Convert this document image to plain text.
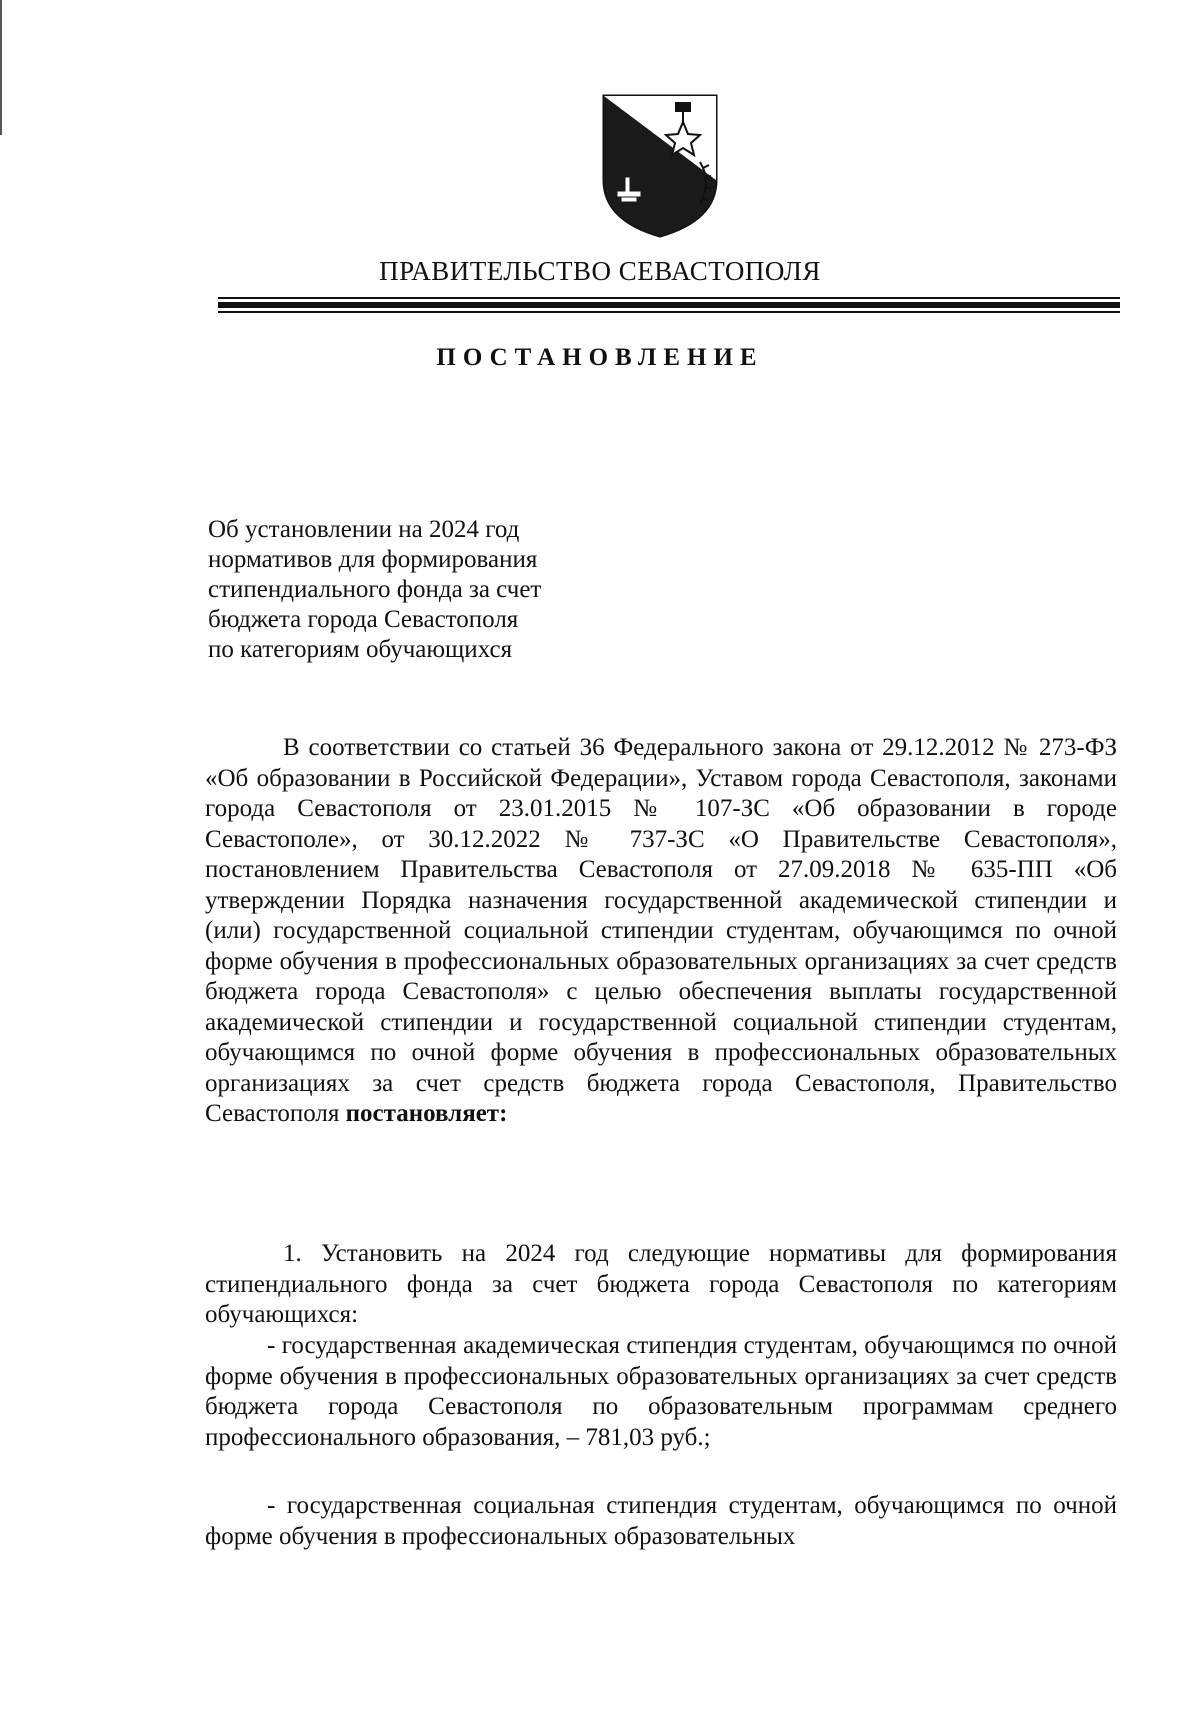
ПРАВИТЕЛЬСТВО СЕВАСТОПОЛЯ
ПОСТАНОВЛЕНИЕ
Об установлении на 2024 год
нормативов для формирования
стипендиального фонда за счет
бюджета города Севастополя
по категориям обучающихся
В соответствии со статьей 36 Федерального закона от 29.12.2012 № 273-ФЗ «Об образовании в Российской Федерации», Уставом города Севастополя, законами города Севастополя от 23.01.2015 № 107-ЗС «Об образовании в городе Севастополе», от 30.12.2022 № 737-ЗС «О Правительстве Севастополя», постановлением Правительства Севастополя от 27.09.2018 № 635-ПП «Об утверждении Порядка назначения государственной академической стипендии и (или) государственной социальной стипендии студентам, обучающимся по очной форме обучения в профессиональных образовательных организациях за счет средств бюджета города Севастополя» с целью обеспечения выплаты государственной академической стипендии и государственной социальной стипендии студентам, обучающимся по очной форме обучения в профессиональных образовательных организациях за счет средств бюджета города Севастополя, Правительство Севастополя постановляет:
1. Установить на 2024 год следующие нормативы для формирования стипендиального фонда за счет бюджета города Севастополя по категориям обучающихся:
- государственная академическая стипендия студентам, обучающимся по очной форме обучения в профессиональных образовательных организациях за счет средств бюджета города Севастополя по образовательным программам среднего профессионального образования, – 781,03 руб.;
- государственная социальная стипендия студентам, обучающимся по очной форме обучения в профессиональных образовательных
